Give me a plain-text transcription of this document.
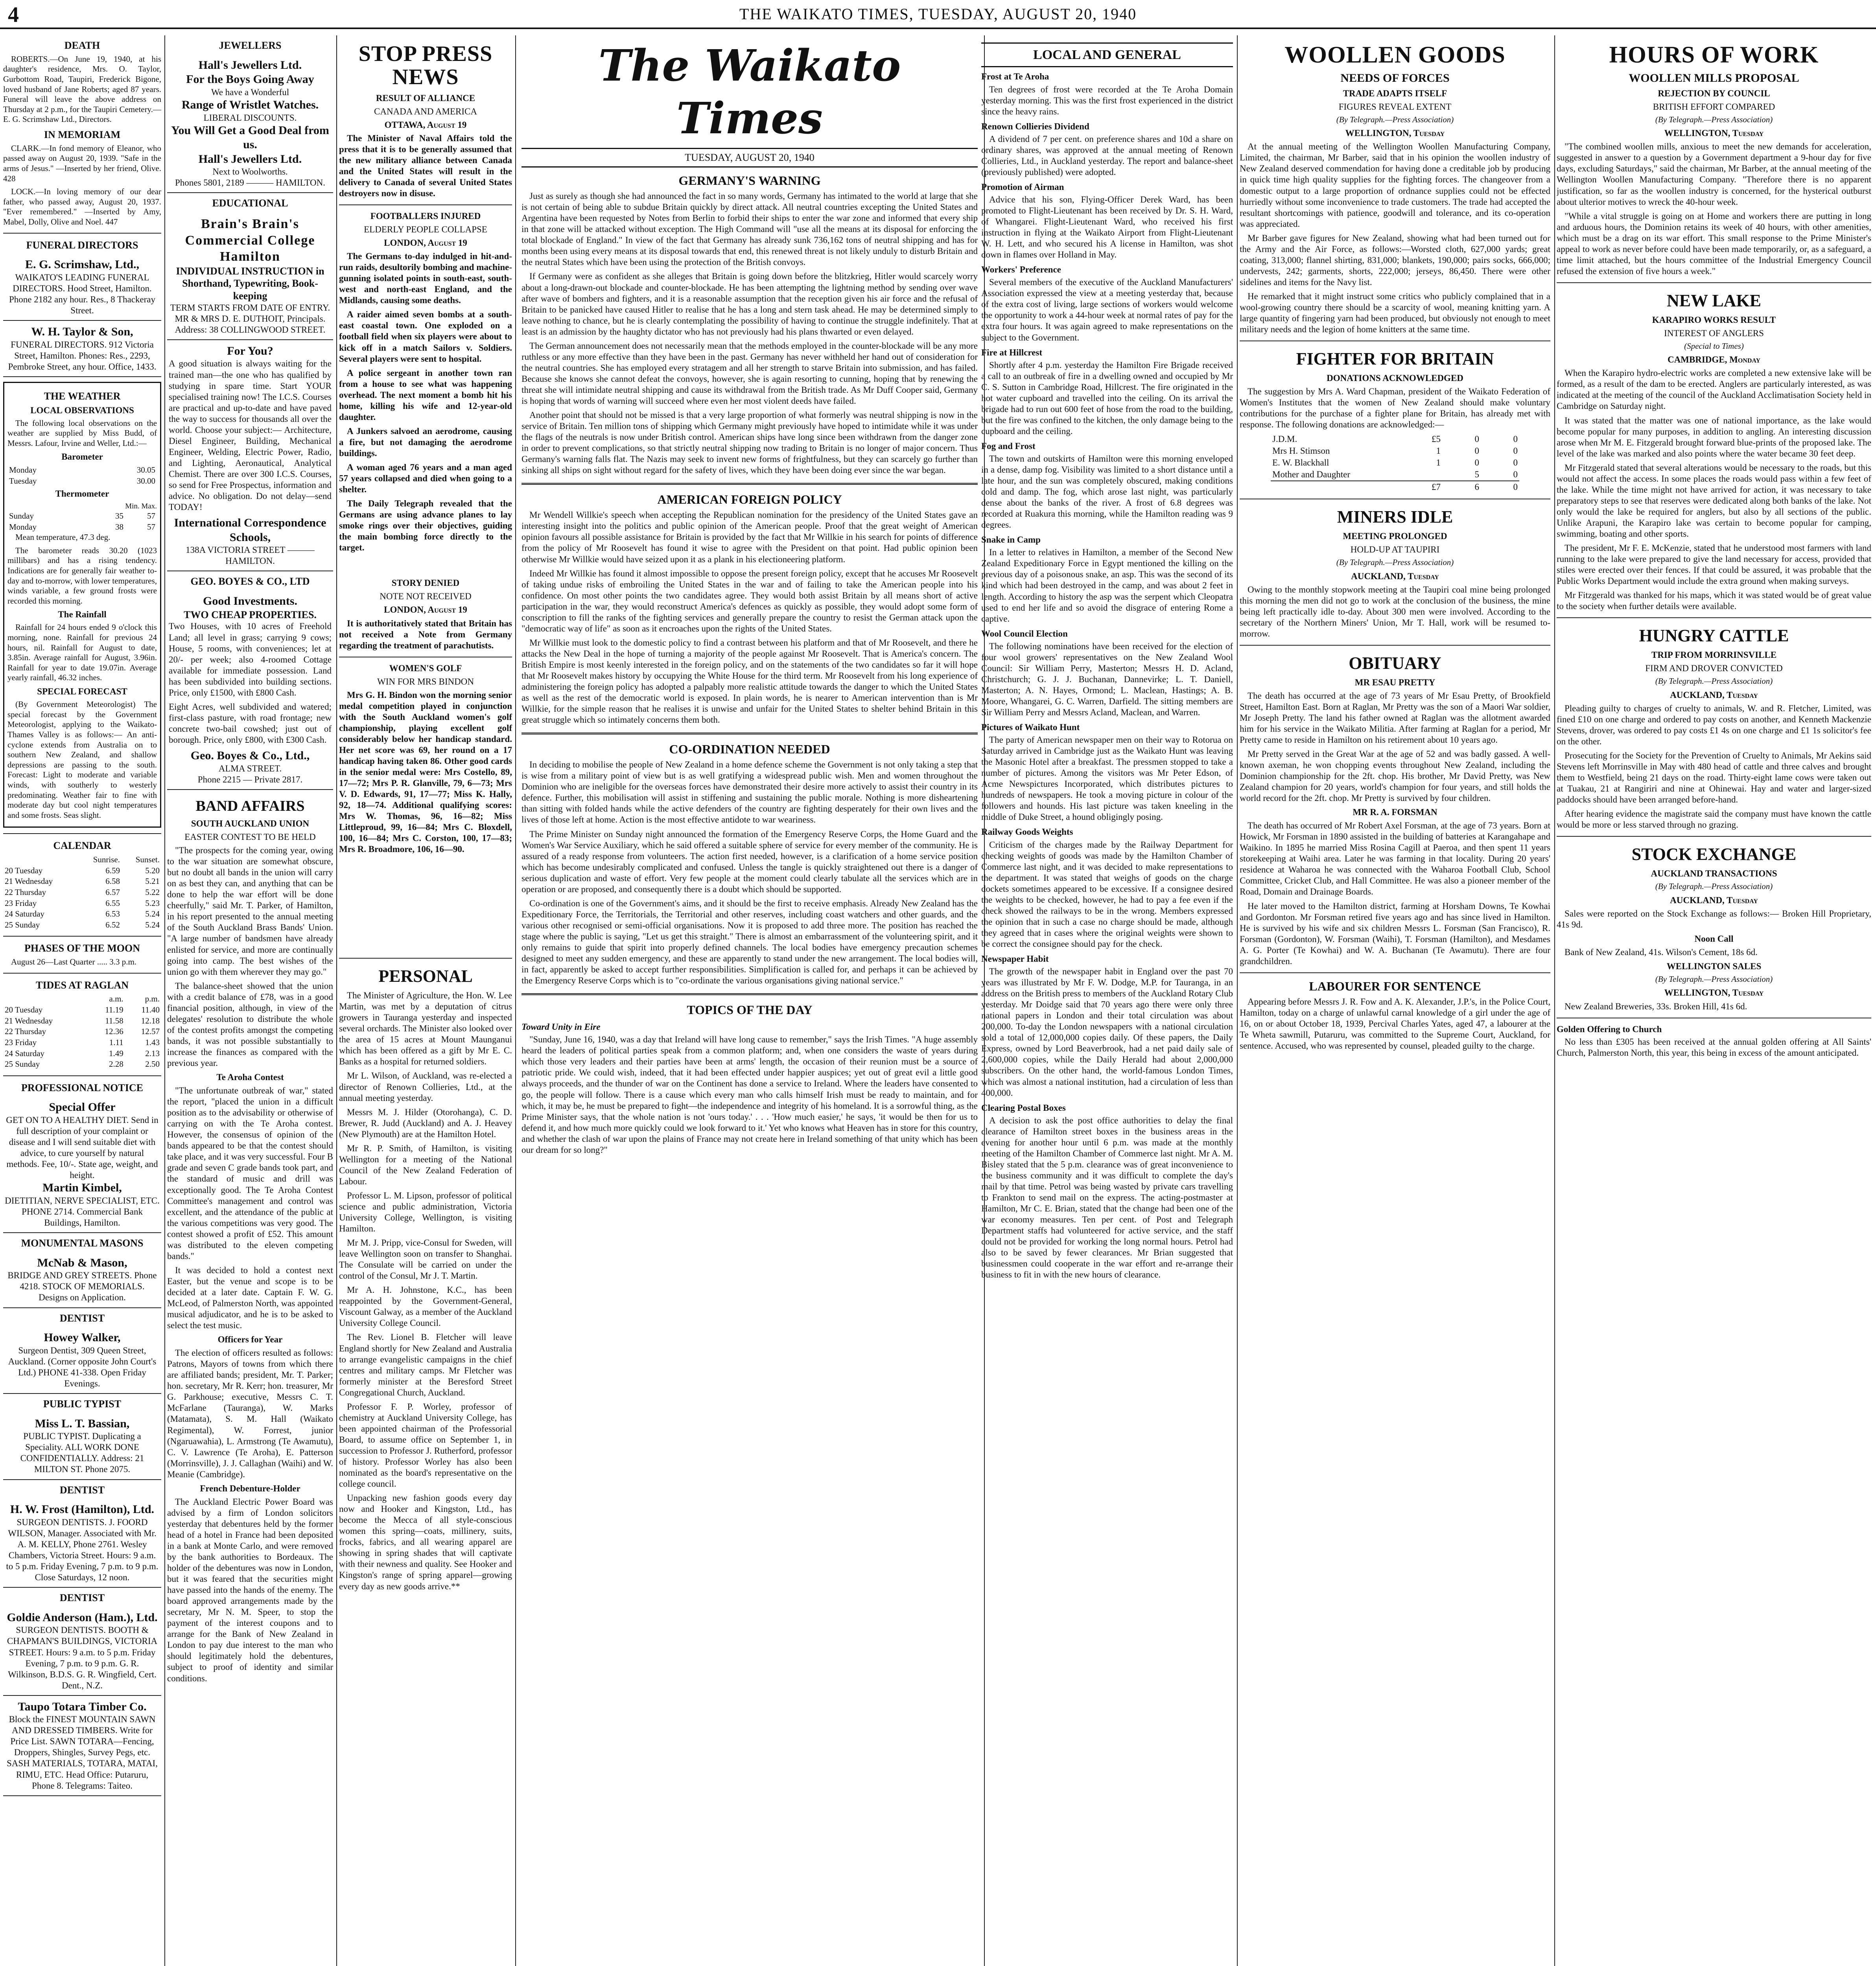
4	THE WAIKATO TIMES, TUESDAY, AUGUST 20, 1940
DEATH

ROBERTS.—On June 19, 1940, at his daughter's residence, Mrs. O. Taylor, Gurbottom Road, Taupiri, Frederick Bigone, loved husband of Jane Roberts; aged 87 years. Funeral will leave the above address on Thursday at 2 p.m., for the Taupiri Cemetery.—E. G. Scrimshaw Ltd., Directors.

IN MEMORIAM

CLARK.—In fond memory of Eleanor, who passed away on August 20, 1939. "Safe in the arms of Jesus." —Inserted by her friend, Olive. 428

LOCK.—In loving memory of our dear father, who passed away, August 20, 1937. "Ever remembered." —Inserted by Amy, Mabel, Dolly, Olive and Noel. 447

FUNERAL DIRECTORS
E. G. Scrimshaw, Ltd.,
WAIKATO'S LEADING FUNERAL DIRECTORS. Hood Street, Hamilton. Phone 2182 any hour. Res., 8 Thackeray Street.
W. H. Taylor & Son,
FUNERAL DIRECTORS. 912 Victoria Street, Hamilton. Phones: Res., 2293, Pembroke Street, any hour. Office, 1433.
THE WEATHER
LOCAL OBSERVATIONS

The following local observations on the weather are supplied by Miss Budd, of Messrs. Lafour, Irvine and Weller, Ltd.:—

Barometer
Monday	30.05
Tuesday	30.00
Thermometer
Min. Max.
Sunday	35	57
Monday	38	57

Mean temperature, 47.3 deg.

The barometer reads 30.20 (1023 millibars) and has a rising tendency. Indications are for generally fair weather to-day and to-morrow, with lower temperatures, winds variable, a few ground frosts were recorded this morning.

The Rainfall

Rainfall for 24 hours ended 9 o'clock this morning, none. Rainfall for previous 24 hours, nil. Rainfall for August to date, 3.85in. Average rainfall for August, 3.96in. Rainfall for year to date 19.07in. Average yearly rainfall, 46.32 inches.

SPECIAL FORECAST

(By Government Meteorologist) The special forecast by the Government Meteorologist, applying to the Waikato-Thames Valley is as follows:— An anti-cyclone extends from Australia on to southern New Zealand, and shallow depressions are passing to the south. Forecast: Light to moderate and variable winds, with southerly to westerly predominating. Weather fair to fine with moderate day but cool night temperatures and some frosts. Seas slight.

CALENDAR
	Sunrise.	Sunset.
20 Tuesday	6.59	5.20
21 Wednesday	6.58	5.21
22 Thursday	6.57	5.22
23 Friday	6.55	5.23
24 Saturday	6.53	5.24
25 Sunday	6.52	5.24
PHASES OF THE MOON

August 26—Last Quarter ..... 3.3 p.m.

TIDES AT RAGLAN
	a.m.	p.m.
20 Tuesday	11.19	11.40
21 Wednesday	11.58	12.18
22 Thursday	12.36	12.57
23 Friday	1.11	1.43
24 Saturday	1.49	2.13
25 Sunday	2.28	2.50
PROFESSIONAL NOTICE
Special Offer
GET ON TO A HEALTHY DIET. Send in full description of your complaint or disease and I will send suitable diet with advice, to cure yourself by natural methods. Fee, 10/-. State age, weight, and height.
Martin Kimbel,
DIETITIAN, NERVE SPECIALIST, ETC. PHONE 2714. Commercial Bank Buildings, Hamilton.
MONUMENTAL MASONS
McNab & Mason,
BRIDGE AND GREY STREETS. Phone 4218. STOCK OF MEMORIALS. Designs on Application.
DENTIST
Howey Walker,
Surgeon Dentist, 309 Queen Street, Auckland. (Corner opposite John Court's Ltd.) PHONE 41-338. Open Friday Evenings.
PUBLIC TYPIST
Miss L. T. Bassian,
PUBLIC TYPIST. Duplicating a Speciality. ALL WORK DONE CONFIDENTIALLY. Address: 21 MILTON ST. Phone 2075.
DENTIST
H. W. Frost (Hamilton), Ltd.
SURGEON DENTISTS. J. FOORD WILSON, Manager. Associated with Mr. A. M. KELLY, Phone 2761. Wesley Chambers, Victoria Street. Hours: 9 a.m. to 5 p.m. Friday Evening, 7 p.m. to 9 p.m. Close Saturdays, 12 noon.
DENTIST
Goldie Anderson (Ham.), Ltd.
SURGEON DENTISTS. BOOTH & CHAPMAN'S BUILDINGS, VICTORIA STREET. Hours: 9 a.m. to 5 p.m. Friday Evening, 7 p.m. to 9 p.m. G. R. Wilkinson, B.D.S. G. R. Wingfield, Cert. Dent., N.Z.
Taupo Totara Timber Co.
Block the FINEST MOUNTAIN SAWN AND DRESSED TIMBERS. Write for Price List. SAWN TOTARA—Fencing, Droppers, Shingles, Survey Pegs, etc. SASH MATERIALS, TOTARA, MATAI, RIMU, ETC. Head Office: Putaruru, Phone 8. Telegrams: Taiteo.
JEWELLERS
Hall's Jewellers Ltd.
For the Boys Going Away
We have a Wonderful
Range of Wristlet Watches.
LIBERAL DISCOUNTS.
You Will Get a Good Deal from us.
Hall's Jewellers Ltd.
Next to Woolworths.
Phones 5801, 2189 ——— HAMILTON.
EDUCATIONAL
Brain's Brain's Commercial College Hamilton
INDIVIDUAL INSTRUCTION in Shorthand, Typewriting, Book-keeping
TERM STARTS FROM DATE OF ENTRY.
MR & MRS D. E. DUTHOIT, Principals.
Address: 38 COLLINGWOOD STREET.
For You?

A good situation is always waiting for the trained man—the one who has qualified by studying in spare time. Start YOUR specialised training now! The I.C.S. Courses are practical and up-to-date and have paved the way to success for thousands all over the world. Choose your subject:— Architecture, Diesel Engineer, Building, Mechanical Engineer, Welding, Electric Power, Radio, and Lighting, Aeronautical, Analytical Chemist. There are over 300 I.C.S. Courses, so send for Free Prospectus, information and advice. No obligation. Do not delay—send TODAY!

International Correspondence Schools,
138A VICTORIA STREET ——— HAMILTON.
GEO. BOYES & CO., LTD
Good Investments.
TWO CHEAP PROPERTIES.

Two Houses, with 10 acres of Freehold Land; all level in grass; carrying 9 cows; House, 5 rooms, with conveniences; let at 20/- per week; also 4-roomed Cottage available for immediate possession. Land has been subdivided into building sections. Price, only £1500, with £800 Cash.

Eight Acres, well subdivided and watered; first-class pasture, with road frontage; new concrete two-bail cowshed; just out of borough. Price, only £800, with £300 Cash.

Geo. Boyes & Co., Ltd.,
ALMA STREET.
Phone 2215 — Private 2817.
BAND AFFAIRS
SOUTH AUCKLAND UNION
EASTER CONTEST TO BE HELD

"The prospects for the coming year, owing to the war situation are somewhat obscure, but no doubt all bands in the union will carry on as best they can, and anything that can be done to help the war effort will be done cheerfully," said Mr. T. Parker, of Hamilton, in his report presented to the annual meeting of the South Auckland Brass Bands' Union. "A large number of bandsmen have already enlisted for service, and more are continually going into camp. The best wishes of the union go with them wherever they may go."

The balance-sheet showed that the union with a credit balance of £78, was in a good financial position, although, in view of the delegates' resolution to distribute the whole of the contest profits amongst the competing bands, it was not possible substantially to increase the finances as compared with the previous year.

Te Aroha Contest

"The unfortunate outbreak of war," stated the report, "placed the union in a difficult position as to the advisability or otherwise of carrying on with the Te Aroha contest. However, the consensus of opinion of the bands appeared to be that the contest should take place, and it was very successful. Four B grade and seven C grade bands took part, and the standard of music and drill was exceptionally good. The Te Aroha Contest Committee's management and control was excellent, and the attendance of the public at the various competitions was very good. The contest showed a profit of £52. This amount was distributed to the eleven competing bands."

It was decided to hold a contest next Easter, but the venue and scope is to be decided at a later date. Captain F. W. G. McLeod, of Palmerston North, was appointed musical adjudicator, and he is to be asked to select the test music.

Officers for Year

The election of officers resulted as follows: Patrons, Mayors of towns from which there are affiliated bands; president, Mr. T. Parker; hon. secretary, Mr R. Kerr; hon. treasurer, Mr G. Parkhouse; executive, Messrs C. T. McFarlane (Tauranga), W. Marks (Matamata), S. M. Hall (Waikato Regimental), W. Forrest, junior (Ngaruawahia), L. Armstrong (Te Awamutu), C. V. Lawrence (Te Aroha), E. Patterson (Morrinsville), J. J. Callaghan (Waihi) and W. Meanie (Cambridge).

French Debenture-Holder

The Auckland Electric Power Board was advised by a firm of London solicitors yesterday that debentures held by the former head of a hotel in France had been deposited in a bank at Monte Carlo, and were removed by the bank authorities to Bordeaux. The holder of the debentures was now in London, but it was feared that the securities might have passed into the hands of the enemy. The board approved arrangements made by the secretary, Mr N. M. Speer, to stop the payment of the interest coupons and to arrange for the Bank of New Zealand in London to pay due interest to the man who should legitimately hold the debentures, subject to proof of identity and similar conditions.

STOP PRESS NEWS
RESULT OF ALLIANCE
CANADA AND AMERICA
OTTAWA, August 19

The Minister of Naval Affairs told the press that it is to be generally assumed that the new military alliance between Canada and the United States will result in the delivery to Canada of several United States destroyers now in disuse.

FOOTBALLERS INJURED
ELDERLY PEOPLE COLLAPSE
LONDON, August 19

The Germans to-day indulged in hit-and-run raids, desultorily bombing and machine-gunning isolated points in south-east, south-west and north-east England, and the Midlands, causing some deaths.

A raider aimed seven bombs at a south-east coastal town. One exploded on a football field when six players were about to kick off in a match Sailors v. Soldiers. Several players were sent to hospital.

A police sergeant in another town ran from a house to see what was happening overhead. The next moment a bomb hit his home, killing his wife and 12-year-old daughter.

A Junkers salvoed an aerodrome, causing a fire, but not damaging the aerodrome buildings.

A woman aged 76 years and a man aged 57 years collapsed and died when going to a shelter.

The Daily Telegraph revealed that the Germans are using advance planes to lay smoke rings over their objectives, guiding the main bombing force directly to the target.

STORY DENIED
NOTE NOT RECEIVED
LONDON, August 19

It is authoritatively stated that Britain has not received a Note from Germany regarding the treatment of parachutists.

WOMEN'S GOLF
WIN FOR MRS BINDON

Mrs G. H. Bindon won the morning senior medal competition played in conjunction with the South Auckland women's golf championship, playing excellent golf considerably below her handicap standard. Her net score was 69, her round on a 17 handicap having taken 86. Other good cards in the senior medal were: Mrs Costello, 89, 17—72; Mrs P. R. Glanville, 79, 6—73; Mrs V. D. Edwards, 91, 17—77; Miss K. Hally, 92, 18—74. Additional qualifying scores: Mrs W. Thomas, 96, 16—82; Miss Littleproud, 99, 16—84; Mrs C. Bloxdell, 100, 16—84; Mrs C. Corston, 100, 17—83; Mrs R. Broadmore, 106, 16—90.

PERSONAL

The Minister of Agriculture, the Hon. W. Lee Martin, was met by a deputation of citrus growers in Tauranga yesterday and inspected several orchards. The Minister also looked over the area of 15 acres at Mount Maunganui which has been offered as a gift by Mr E. C. Banks as a hospital for returned soldiers.

Mr L. Wilson, of Auckland, was re-elected a director of Renown Collieries, Ltd., at the annual meeting yesterday.

Messrs M. J. Hilder (Otorohanga), C. D. Brewer, R. Judd (Auckland) and A. J. Heavey (New Plymouth) are at the Hamilton Hotel.

Mr R. P. Smith, of Hamilton, is visiting Wellington for a meeting of the National Council of the New Zealand Federation of Labour.

Professor L. M. Lipson, professor of political science and public administration, Victoria University College, Wellington, is visiting Hamilton.

Mr M. J. Pripp, vice-Consul for Sweden, will leave Wellington soon on transfer to Shanghai. The Consulate will be carried on under the control of the Consul, Mr J. T. Martin.

Mr A. H. Johnstone, K.C., has been reappointed by the Government-General, Viscount Galway, as a member of the Auckland University College Council.

The Rev. Lionel B. Fletcher will leave England shortly for New Zealand and Australia to arrange evangelistic campaigns in the chief centres and military camps. Mr Fletcher was formerly minister at the Beresford Street Congregational Church, Auckland.

Professor F. P. Worley, professor of chemistry at Auckland University College, has been appointed chairman of the Professorial Board, to assume office on September 1, in succession to Professor J. Rutherford, professor of history. Professor Worley has also been nominated as the board's representative on the college council.

Unpacking new fashion goods every day now and Hooker and Kingston, Ltd., has become the Mecca of all style-conscious women this spring—coats, millinery, suits, frocks, fabrics, and all wearing apparel are showing in spring shades that will captivate with their newness and quality. See Hooker and Kingston's range of spring apparel—growing every day as new goods arrive.**

The Waikato Times
TUESDAY, AUGUST 20, 1940
GERMANY'S WARNING

Just as surely as though she had announced the fact in so many words, Germany has intimated to the world at large that she is not certain of being able to subdue Britain quickly by direct attack. All neutral countries excepting the United States and Argentina have been requested by Notes from Berlin to forbid their ships to enter the war zone and informed that every ship in that zone will be attacked without exception. The High Command will "use all the means at its disposal for enforcing the total blockade of England." In view of the fact that Germany has already sunk 736,162 tons of neutral shipping and has for months been using every means at its disposal towards that end, this renewed threat is not likely unduly to disturb Britain and the neutral States which have been using the protection of the British convoys.

If Germany were as confident as she alleges that Britain is going down before the blitzkrieg, Hitler would scarcely worry about a long-drawn-out blockade and counter-blockade. He has been attempting the lightning method by sending over wave after wave of bombers and fighters, and it is a reasonable assumption that the reception given his air force and the refusal of Britain to be panicked have caused Hitler to realise that he has a long and stern task ahead. He may be determined simply to leave nothing to chance, but he is clearly contemplating the possibility of having to continue the struggle indefinitely. That at least is an admission by the haughty dictator who has not previously had his plans thwarted or even delayed.

The German announcement does not necessarily mean that the methods employed in the counter-blockade will be any more ruthless or any more effective than they have been in the past. Germany has never withheld her hand out of consideration for the neutral countries. She has employed every stratagem and all her strength to starve Britain into submission, and has failed. Because she knows she cannot defeat the convoys, however, she is again resorting to cunning, hoping that by renewing the threat she will intimidate neutral shipping and cause its withdrawal from the British trade. As Mr Duff Cooper said, Germany is hoping that words of warning will succeed where even her most violent deeds have failed.

Another point that should not be missed is that a very large proportion of what formerly was neutral shipping is now in the service of Britain. Ten million tons of shipping which Germany might previously have hoped to intimidate while it was under the flags of the neutrals is now under British control. American ships have long since been withdrawn from the danger zone in order to prevent complications, so that strictly neutral shipping now trading to Britain is no longer of major concern. Thus Germany's warning falls flat. The Nazis may seek to invent new forms of frightfulness, but they can scarcely go further than sinking all ships on sight without regard for the safety of lives, which they have been doing ever since the war began.

AMERICAN FOREIGN POLICY

Mr Wendell Willkie's speech when accepting the Republican nomination for the presidency of the United States gave an interesting insight into the politics and public opinion of the American people. Proof that the great weight of American opinion favours all possible assistance for Britain is provided by the fact that Mr Willkie in his search for points of difference from the policy of Mr Roosevelt has found it wise to agree with the President on that point. Had public opinion been otherwise Mr Willkie would have seized upon it as a plank in his electioneering platform.

Indeed Mr Willkie has found it almost impossible to oppose the present foreign policy, except that he accuses Mr Roosevelt of taking undue risks of embroiling the United States in the war and of failing to take the American people into his confidence. On most other points the two candidates agree. They would both assist Britain by all means short of active participation in the war, they would reconstruct America's defences as quickly as possible, they would adopt some form of conscription to fill the ranks of the fighting services and generally prepare the country to resist the German attack upon the "democratic way of life" as soon as it encroaches upon the rights of the United States.

Mr Willkie must look to the domestic policy to find a contrast between his platform and that of Mr Roosevelt, and there he attacks the New Deal in the hope of turning a majority of the people against Mr Roosevelt. That is America's concern. The British Empire is most keenly interested in the foreign policy, and on the statements of the two candidates so far it will hope that Mr Roosevelt makes history by occupying the White House for the third term. Mr Roosevelt from his long experience of administering the foreign policy has adopted a palpably more realistic attitude towards the danger to which the United States as well as the rest of the democratic world is exposed. In plain words, he is nearer to American intervention than is Mr Willkie, for the simple reason that he realises it is unwise and unfair for the United States to shelter behind Britain in this great struggle which so intimately concerns them both.

CO-ORDINATION NEEDED

In deciding to mobilise the people of New Zealand in a home defence scheme the Government is not only taking a step that is wise from a military point of view but is as well gratifying a widespread public wish. Men and women throughout the Dominion who are ineligible for the overseas forces have demonstrated their desire more actively to assist their country in its defence. Further, this mobilisation will assist in stiffening and sustaining the public morale. Nothing is more disheartening than sitting with folded hands while the active defenders of the country are fighting desperately for their own lives and the lives of those left at home. Action is the most effective antidote to war weariness.

The Prime Minister on Sunday night announced the formation of the Emergency Reserve Corps, the Home Guard and the Women's War Service Auxiliary, which he said offered a suitable sphere of service for every member of the community. He is assured of a ready response from volunteers. The action first needed, however, is a clarification of a home service position which has become undesirably complicated and confused. Unless the tangle is quickly straightened out there is a danger of serious duplication and waste of effort. Very few people at the moment could clearly tabulate all the services which are in operation or are proposed, and consequently there is a doubt which should be supported.

Co-ordination is one of the Government's aims, and it should be the first to receive emphasis. Already New Zealand has the Expeditionary Force, the Territorials, the Territorial and other reserves, including coast watchers and other guards, and the various other recognised or semi-official organisations. Now it is proposed to add three more. The position has reached the stage where the public is saying, "Let us get this straight." There is almost an embarrassment of the volunteering spirit, and it only remains to guide that spirit into properly defined channels. The local bodies have emergency precaution schemes designed to meet any sudden emergency, and these are apparently to stand under the new arrangement. The local bodies will, in fact, apparently be asked to accept further responsibilities. Simplification is called for, and perhaps it can be achieved by the Emergency Reserve Corps which is to "co-ordinate the various organisations giving national service."

TOPICS OF THE DAY
Toward Unity in Eire

"Sunday, June 16, 1940, was a day that Ireland will have long cause to remember," says the Irish Times. "A huge assembly heard the leaders of political parties speak from a common platform; and, when one considers the waste of years during which those very leaders and their parties have been at arms' length, the occasion of their reunion must be a source of patriotic pride. We could wish, indeed, that it had been effected under happier auspices; yet out of great evil a little good always proceeds, and the thunder of war on the Continent has done a service to Ireland. Where the leaders have consented to go, the people will follow. There is a cause which every man who calls himself Irish must be ready to maintain, and for which, it may be, he must be prepared to fight—the independence and integrity of his homeland. It is a sorrowful thing, as the Prime Minister says, that the whole nation is not 'ours today.' . . . 'How much easier,' he says, 'it would be then for us to defend it, and how much more quickly could we look forward to it.' Yet who knows what Heaven has in store for this country, and whether the clash of war upon the plains of France may not create here in Ireland something of that unity which has been our dream for so long?"

LOCAL AND GENERAL
Frost at Te Aroha

Ten degrees of frost were recorded at the Te Aroha Domain yesterday morning. This was the first frost experienced in the district since the heavy rains.

Renown Collieries Dividend

A dividend of 7 per cent. on preference shares and 10d a share on ordinary shares, was approved at the annual meeting of Renown Collieries, Ltd., in Auckland yesterday. The report and balance-sheet (previously published) were adopted.

Promotion of Airman

Advice that his son, Flying-Officer Derek Ward, has been promoted to Flight-Lieutenant has been received by Dr. S. H. Ward, of Whangarei. Flight-Lieutenant Ward, who received his first instruction in flying at the Waikato Airport from Flight-Lieutenant W. H. Lett, and who secured his A license in Hamilton, was shot down in flames over Holland in May.

Workers' Preference

Several members of the executive of the Auckland Manufacturers' Association expressed the view at a meeting yesterday that, because of the extra cost of living, large sections of workers would welcome the opportunity to work a 44-hour week at normal rates of pay for the extra four hours. It was again agreed to make representations on the subject to the Government.

Fire at Hillcrest

Shortly after 4 p.m. yesterday the Hamilton Fire Brigade received a call to an outbreak of fire in a dwelling owned and occupied by Mr C. S. Sutton in Cambridge Road, Hillcrest. The fire originated in the hot water cupboard and travelled into the ceiling. On its arrival the brigade had to run out 600 feet of hose from the road to the building, but the fire was confined to the kitchen, the only damage being to the cupboard and the ceiling.

Fog and Frost

The town and outskirts of Hamilton were this morning enveloped in a dense, damp fog. Visibility was limited to a short distance until a late hour, and the sun was completely obscured, making conditions cold and damp. The fog, which arose last night, was particularly dense about the banks of the river. A frost of 6.8 degrees was recorded at Ruakura this morning, while the Hamilton reading was 9 degrees.

Snake in Camp

In a letter to relatives in Hamilton, a member of the Second New Zealand Expeditionary Force in Egypt mentioned the killing on the previous day of a poisonous snake, an asp. This was the second of its kind which had been destroyed in the camp, and was about 2 feet in length. According to history the asp was the serpent which Cleopatra used to end her life and so avoid the disgrace of entering Rome a captive.

Wool Council Election

The following nominations have been received for the election of four wool growers' representatives on the New Zealand Wool Council: Sir William Perry, Masterton; Messrs H. D. Acland, Christchurch; G. J. J. Buchanan, Dannevirke; L. T. Daniell, Masterton; A. N. Hayes, Ormond; L. Maclean, Hastings; A. B. Moore, Whangarei, G. C. Warren, Darfield. The sitting members are Sir William Perry and Messrs Acland, Maclean, and Warren.

Pictures of Waikato Hunt

The party of American newspaper men on their way to Rotorua on Saturday arrived in Cambridge just as the Waikato Hunt was leaving the Masonic Hotel after a breakfast. The pressmen stopped to take a number of pictures. Among the visitors was Mr Peter Edson, of Acme Newspictures Incorporated, which distributes pictures to hundreds of newspapers. He took a moving picture in colour of the followers and hounds. His last picture was taken kneeling in the middle of Duke Street, a hound obligingly posing.

Railway Goods Weights

Criticism of the charges made by the Railway Department for checking weights of goods was made by the Hamilton Chamber of Commerce last night, and it was decided to make representations to the department. It was stated that weighs of goods on the charge dockets sometimes appeared to be excessive. If a consignee desired the weights to be checked, however, he had to pay a fee even if the check showed the railways to be in the wrong. Members expressed the opinion that in such a case no charge should be made, although they agreed that in cases where the original weights were shown to be correct the consignee should pay for the check.

Newspaper Habit

The growth of the newspaper habit in England over the past 70 years was illustrated by Mr F. W. Dodge, M.P. for Tauranga, in an address on the British press to members of the Auckland Rotary Club yesterday. Mr Doidge said that 70 years ago there were only three national papers in London and their total circulation was about 200,000. To-day the London newspapers with a national circulation sold a total of 12,000,000 copies daily. Of these papers, the Daily Express, owned by Lord Beaverbrook, had a net paid daily sale of 2,600,000 copies, while the Daily Herald had about 2,000,000 subscribers. On the other hand, the world-famous London Times, which was almost a national institution, had a circulation of less than 400,000.

Clearing Postal Boxes

A decision to ask the post office authorities to delay the final clearance of Hamilton street boxes in the business areas in the evening for another hour until 6 p.m. was made at the monthly meeting of the Hamilton Chamber of Commerce last night. Mr A. M. Bisley stated that the 5 p.m. clearance was of great inconvenience to the business community and it was difficult to complete the day's mail by that time. Petrol was being wasted by private cars travelling to Frankton to send mail on the express. The acting-postmaster at Hamilton, Mr C. E. Brian, stated that the change had been one of the war economy measures. Ten per cent. of Post and Telegraph Department staffs had volunteered for active service, and the staff could not be provided for working the long normal hours. Petrol had also to be saved by fewer clearances. Mr Brian suggested that businessmen could cooperate in the war effort and re-arrange their business to fit in with the new hours of clearance.

WOOLLEN GOODS
NEEDS OF FORCES
TRADE ADAPTS ITSELF
FIGURES REVEAL EXTENT
(By Telegraph.—Press Association)
WELLINGTON, Tuesday

At the annual meeting of the Wellington Woollen Manufacturing Company, Limited, the chairman, Mr Barber, said that in his opinion the woollen industry of New Zealand deserved commendation for having done a creditable job by producing in quick time high quality supplies for the fighting forces. The changeover from a domestic output to a large proportion of ordnance supplies could not be effected hurriedly without some inconvenience to trade customers. The trade had accepted the resultant shortcomings with patience, goodwill and tolerance, and its co-operation was appreciated.

Mr Barber gave figures for New Zealand, showing what had been turned out for the Army and the Air Force, as follows:—Worsted cloth, 627,000 yards; great coating, 313,000; flannel shirting, 831,000; blankets, 190,000; pairs socks, 666,000; undervests, 242; garments, shorts, 222,000; jerseys, 86,450. There were other sidelines and items for the Navy list.

He remarked that it might instruct some critics who publicly complained that in a wool-growing country there should be a scarcity of wool, meaning knitting yarn. A large quantity of fingering yarn had been produced, but obviously not enough to meet military needs and the legion of home knitters at the same time.

FIGHTER FOR BRITAIN
DONATIONS ACKNOWLEDGED

The suggestion by Mrs A. Ward Chapman, president of the Waikato Federation of Women's Institutes that the women of New Zealand should make voluntary contributions for the purchase of a fighter plane for Britain, has already met with response. The following donations are acknowledged:—

J.D.M.	£5	0	0
Mrs H. Stimson	1	0	0
E. W. Blackhall	1	0	0
Mother and Daughter		5	0
	£7	6	0
MINERS IDLE
MEETING PROLONGED
HOLD-UP AT TAUPIRI
(By Telegraph.—Press Association)
AUCKLAND, Tuesday

Owing to the monthly stopwork meeting at the Taupiri coal mine being prolonged this morning the men did not go to work at the conclusion of the business, the mine being left practically idle to-day. About 300 men were involved. According to the secretary of the Northern Miners' Union, Mr T. Hall, work will be resumed to-morrow.

OBITUARY
MR ESAU PRETTY

The death has occurred at the age of 73 years of Mr Esau Pretty, of Brookfield Street, Hamilton East. Born at Raglan, Mr Pretty was the son of a Maori War soldier, Mr Joseph Pretty. The land his father owned at Raglan was the allotment awarded him for his service in the Waikato Militia. After farming at Raglan for a period, Mr Pretty came to reside in Hamilton on his retirement about 10 years ago.

Mr Pretty served in the Great War at the age of 52 and was badly gassed. A well-known axeman, he won chopping events throughout New Zealand, including the Dominion championship for the 2ft. chop. His brother, Mr David Pretty, was New Zealand champion for 20 years, world's champion for four years, and still holds the world record for the 2ft. chop. Mr Pretty is survived by four children.

MR R. A. FORSMAN

The death has occurred of Mr Robert Axel Forsman, at the age of 73 years. Born at Howick, Mr Forsman in 1890 assisted in the building of batteries at Karangahape and Waikino. In 1895 he married Miss Rosina Cagill at Paeroa, and then spent 11 years storekeeping at Waihi area. Later he was farming in that locality. During 20 years' residence at Waharoa he was connected with the Waharoa Football Club, School Committee, Cricket Club, and Hall Committee. He was also a pioneer member of the Road, Domain and Drainage Boards.

He later moved to the Hamilton district, farming at Horsham Downs, Te Kowhai and Gordonton. Mr Forsman retired five years ago and has since lived in Hamilton. He is survived by his wife and six children Messrs L. Forsman (San Francisco), R. Forsman (Gordonton), W. Forsman (Waihi), T. Forsman (Hamilton), and Mesdames A. G. Porter (Te Kowhai) and W. A. Buchanan (Te Awamutu). There are four grandchildren.

LABOURER FOR SENTENCE

Appearing before Messrs J. R. Fow and A. K. Alexander, J.P.'s, in the Police Court, Hamilton, today on a charge of unlawful carnal knowledge of a girl under the age of 16, on or about October 18, 1939, Percival Charles Yates, aged 47, a labourer at the Te Wheta sawmill, Putaruru, was committed to the Supreme Court, Auckland, for sentence. Accused, who was represented by counsel, pleaded guilty to the charge.

HOURS OF WORK
WOOLLEN MILLS PROPOSAL
REJECTION BY COUNCIL
BRITISH EFFORT COMPARED
(By Telegraph.—Press Association)
WELLINGTON, Tuesday

"The combined woollen mills, anxious to meet the new demands for acceleration, suggested in answer to a question by a Government department a 9-hour day for five days, excluding Saturdays," said the chairman, Mr Barber, at the annual meeting of the Wellington Woollen Manufacturing Company. "Therefore there is no apparent justification, so far as the woollen industry is concerned, for the hysterical outburst about ulterior motives to wreck the 40-hour week.

"While a vital struggle is going on at Home and workers there are putting in long and arduous hours, the Dominion retains its week of 40 hours, with other amenities, which must be a drag on its war effort. This small response to the Prime Minister's appeal to work as never before could have been made temporarily, or, as a safeguard, a time limit attached, but the hours committee of the Industrial Emergency Council refused the extension of five hours a week."

NEW LAKE
KARAPIRO WORKS RESULT
INTEREST OF ANGLERS
(Special to Times)
CAMBRIDGE, Monday

When the Karapiro hydro-electric works are completed a new extensive lake will be formed, as a result of the dam to be erected. Anglers are particularly interested, as was indicated at the meeting of the council of the Auckland Acclimatisation Society held in Cambridge on Saturday night.

It was stated that the matter was one of national importance, as the lake would become popular for many purposes, in addition to angling. An interesting discussion arose when Mr M. E. Fitzgerald brought forward blue-prints of the proposed lake. The level of the lake was marked and also points where the water became 30 feet deep.

Mr Fitzgerald stated that several alterations would be necessary to the roads, but this would not affect the access. In some places the roads would pass within a few feet of the lake. While the time might not have arrived for action, it was necessary to take preparatory steps to see that reserves were dedicated along both banks of the lake. Not only would the lake be required for anglers, but also by all sections of the public. Unlike Arapuni, the Karapiro lake was certain to become popular for camping, swimming, boating and other sports.

The president, Mr F. E. McKenzie, stated that he understood most farmers with land running to the lake were prepared to give the land necessary for access, provided that stiles were erected over their fences. If that could be assured, it was probable that the Public Works Department would include the extra ground when making surveys.

Mr Fitzgerald was thanked for his maps, which it was stated would be of great value to the society when further details were available.

HUNGRY CATTLE
TRIP FROM MORRINSVILLE
FIRM AND DROVER CONVICTED
(By Telegraph.—Press Association)
AUCKLAND, Tuesday

Pleading guilty to charges of cruelty to animals, W. and R. Fletcher, Limited, was fined £10 on one charge and ordered to pay costs on another, and Kenneth Mackenzie Stevens, drover, was ordered to pay costs £1 4s on one charge and £1 1s solicitor's fee on the other.

Prosecuting for the Society for the Prevention of Cruelty to Animals, Mr Aekins said Stevens left Morrinsville in May with 480 head of cattle and three calves and brought them to Westfield, being 21 days on the road. Thirty-eight lame cows were taken out at Tuakau, 21 at Rangiriri and nine at Ohinewai. Hay and water and larger-sized paddocks should have been arranged before-hand.

After hearing evidence the magistrate said the company must have known the cattle would be more or less starved through no grazing.

STOCK EXCHANGE
AUCKLAND TRANSACTIONS
(By Telegraph.—Press Association)
AUCKLAND, Tuesday

Sales were reported on the Stock Exchange as follows:— Broken Hill Proprietary, 41s 9d.

Noon Call

Bank of New Zealand, 41s. Wilson's Cement, 18s 6d.

WELLINGTON SALES
(By Telegraph.—Press Association)
WELLINGTON, Tuesday

New Zealand Breweries, 33s. Broken Hill, 41s 6d.

Golden Offering to Church

No less than £305 has been received at the annual golden offering at All Saints' Church, Palmerston North, this year, this being in excess of the amount anticipated.
